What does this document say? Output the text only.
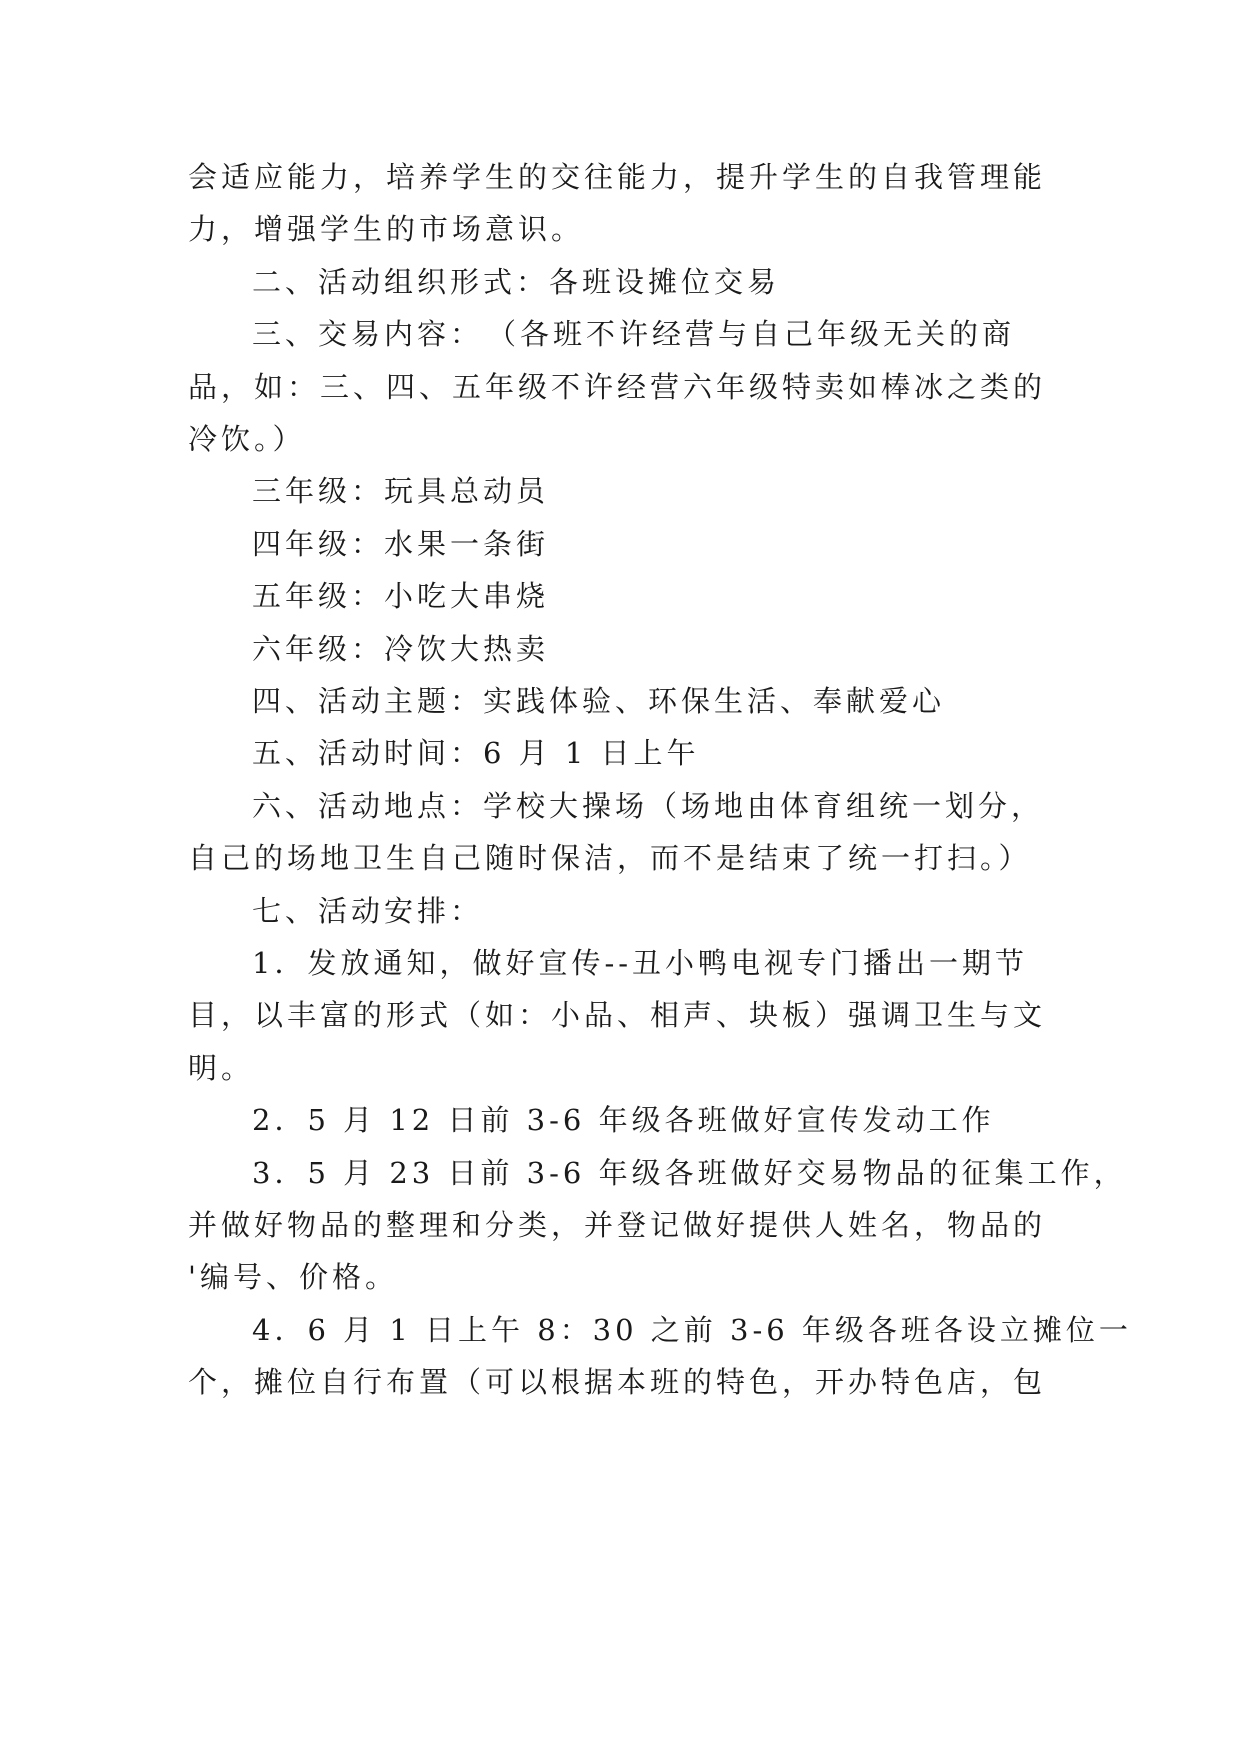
会适应能力，培养学生的交往能力，提升学生的自我管理能
力，增强学生的市场意识。
二、活动组织形式：各班设摊位交易
三、交易内容：　（各班不许经营与自己年级无关的商
品，如：三、四、五年级不许经营六年级特卖如棒冰之类的
冷饮。）
三年级：玩具总动员
四年级：水果一条街
五年级：小吃大串烧
六年级：冷饮大热卖
四、活动主题：实践体验、环保生活、奉献爱心
五、活动时间：6 月 1 日上午
六、活动地点：学校大操场（场地由体育组统一划分，
自己的场地卫生自己随时保洁，而不是结束了统一打扫。）
七、活动安排：
1．发放通知，做好宣传--丑小鸭电视专门播出一期节
目，以丰富的形式（如：小品、相声、块板）强调卫生与文
明。
2．5 月 12 日前 3-6 年级各班做好宣传发动工作
3．5 月 23 日前 3-6 年级各班做好交易物品的征集工作，
并做好物品的整理和分类，并登记做好提供人姓名，物品的
'编号、价格。
4．6 月 1 日上午 8：30 之前 3-6 年级各班各设立摊位一
个，摊位自行布置（可以根据本班的特色，开办特色店，包
